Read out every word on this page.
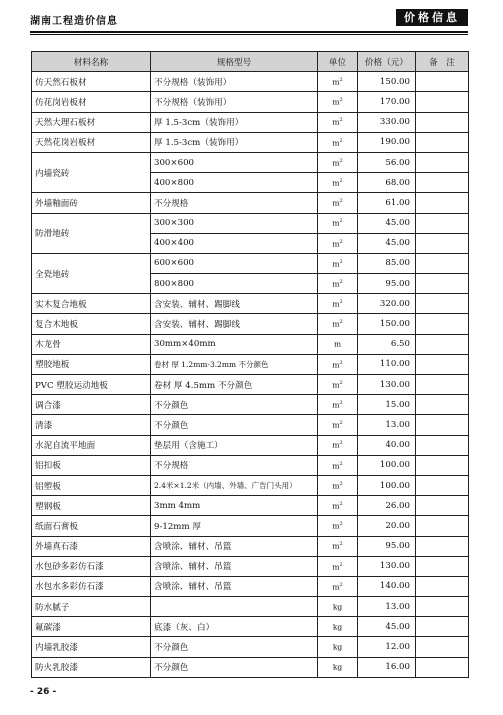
湖南工程造价信息	价格信息
材料名称	规格型号	单位	价格（元）	备　注
仿天然石板材	不分规格（装饰用）	$m^2$	150.00	
仿花岗岩板材	不分规格（装饰用）	$m^2$	170.00	
天然大理石板材	厚 1.5-3cm（装饰用）	$m^2$	330.00	
天然花岗岩板材	厚 1.5-3cm（装饰用）	$m^2$	190.00	
内墙瓷砖	300×600	$m^2$	56.00	
	400×800	$m^2$	68.00	
外墙釉面砖	不分规格	$m^2$	61.00	
防滑地砖	300×300	$m^2$	45.00	
	400×400	$m^2$	45.00	
全瓷地砖	600×600	$m^2$	85.00	
	800×800	$m^2$	95.00	
实木复合地板	含安装、辅材、踢脚线	$m^2$	320.00	
复合木地板	含安装、辅材、踢脚线	$m^2$	150.00	
木龙骨	30mm×40mm	m	6.50	
塑胶地板	卷材 厚 1.2mm-3.2mm 不分颜色	$m^2$	110.00	
PVC 塑胶运动地板	卷材 厚 4.5mm 不分颜色	$m^2$	130.00	
调合漆	不分颜色	$m^2$	15.00	
清漆	不分颜色	$m^2$	13.00	
水泥自流平地面	垫层用（含施工）	$m^2$	40.00	
铝扣板	不分规格	$m^2$	100.00	
铝塑板	2.4米×1.2米（内墙、外墙、广告门头用）	$m^2$	100.00	
塑钢板	3mm 4mm	$m^2$	26.00	
纸面石膏板	9-12mm 厚	$m^2$	20.00	
外墙真石漆	含喷涂、辅材、吊篮	$m^2$	95.00	
水包砂多彩仿石漆	含喷涂、辅材、吊篮	$m^2$	130.00	
水包水多彩仿石漆	含喷涂、辅材、吊篮	$m^2$	140.00	
防水腻子		kg	13.00	
氟碳漆	底漆（灰、白）	kg	45.00	
内墙乳胶漆	不分颜色	kg	12.00	
防火乳胶漆	不分颜色	kg	16.00	
- 26 -
